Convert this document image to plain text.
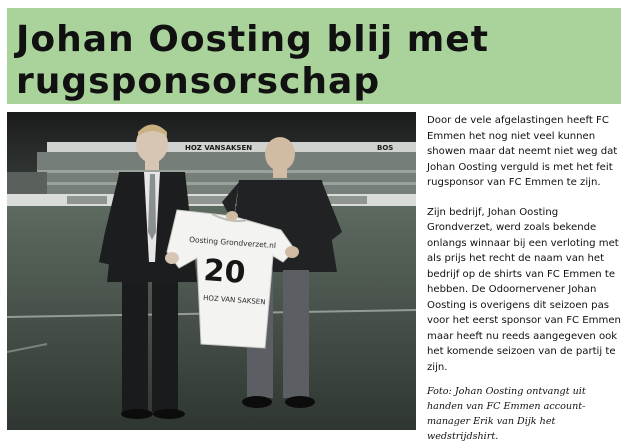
Johan Oosting blij met
rugsponsorschap
HOZ VANSAKSEN	BOS
Oosting Grondverzet.nl
20
HOZ VAN SAKSEN

Door de vele afgelastingen heeft FC Emmen het nog niet veel kunnen showen maar dat neemt niet weg dat Johan Oosting verguld is met het feit rugsponsor van FC Emmen te zijn.

Zijn bedrijf, Johan Oosting Grondverzet, werd zoals bekende onlangs winnaar bij een verloting met als prijs het recht de naam van het bedrijf op de shirts van FC Emmen te hebben. De Odoornervener Johan Oosting is overigens dit seizoen pas voor het eerst sponsor van FC Emmen maar heeft nu reeds aangegeven ook het komende seizoen van de partij te zijn.

Foto: Johan Oosting ontvangt uit handen van FC Emmen account-manager Erik van Dijk het wedstrijdshirt.
